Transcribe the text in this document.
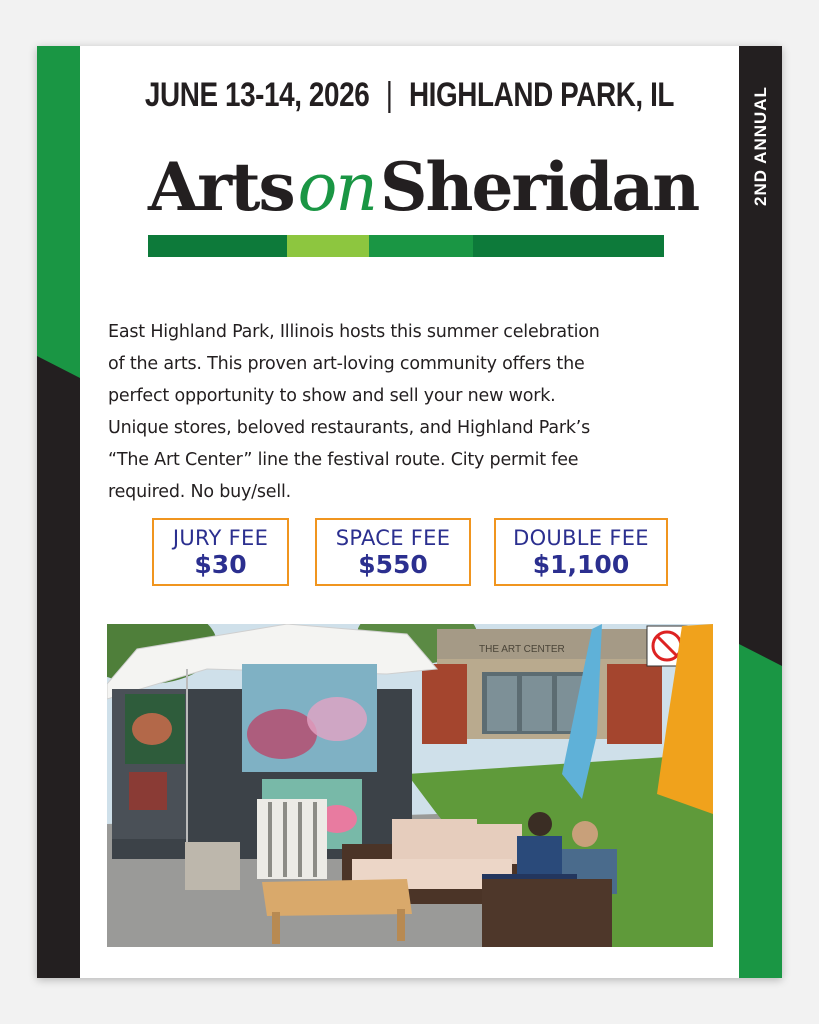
2ND ANNUAL
JUNE 13-14, 2026 | HIGHLAND PARK, IL
ArtsonSheridan

East Highland Park, Illinois hosts this summer celebration

of the arts. This proven art-loving community offers the

perfect opportunity to show and sell your new work.

Unique stores, beloved restaurants, and Highland Park’s

“The Art Center” line the festival route. City permit fee

required. No buy/sell.

JURY FEE
$30
SPACE FEE
$550
DOUBLE FEE
$1,100
THE ART CENTER
